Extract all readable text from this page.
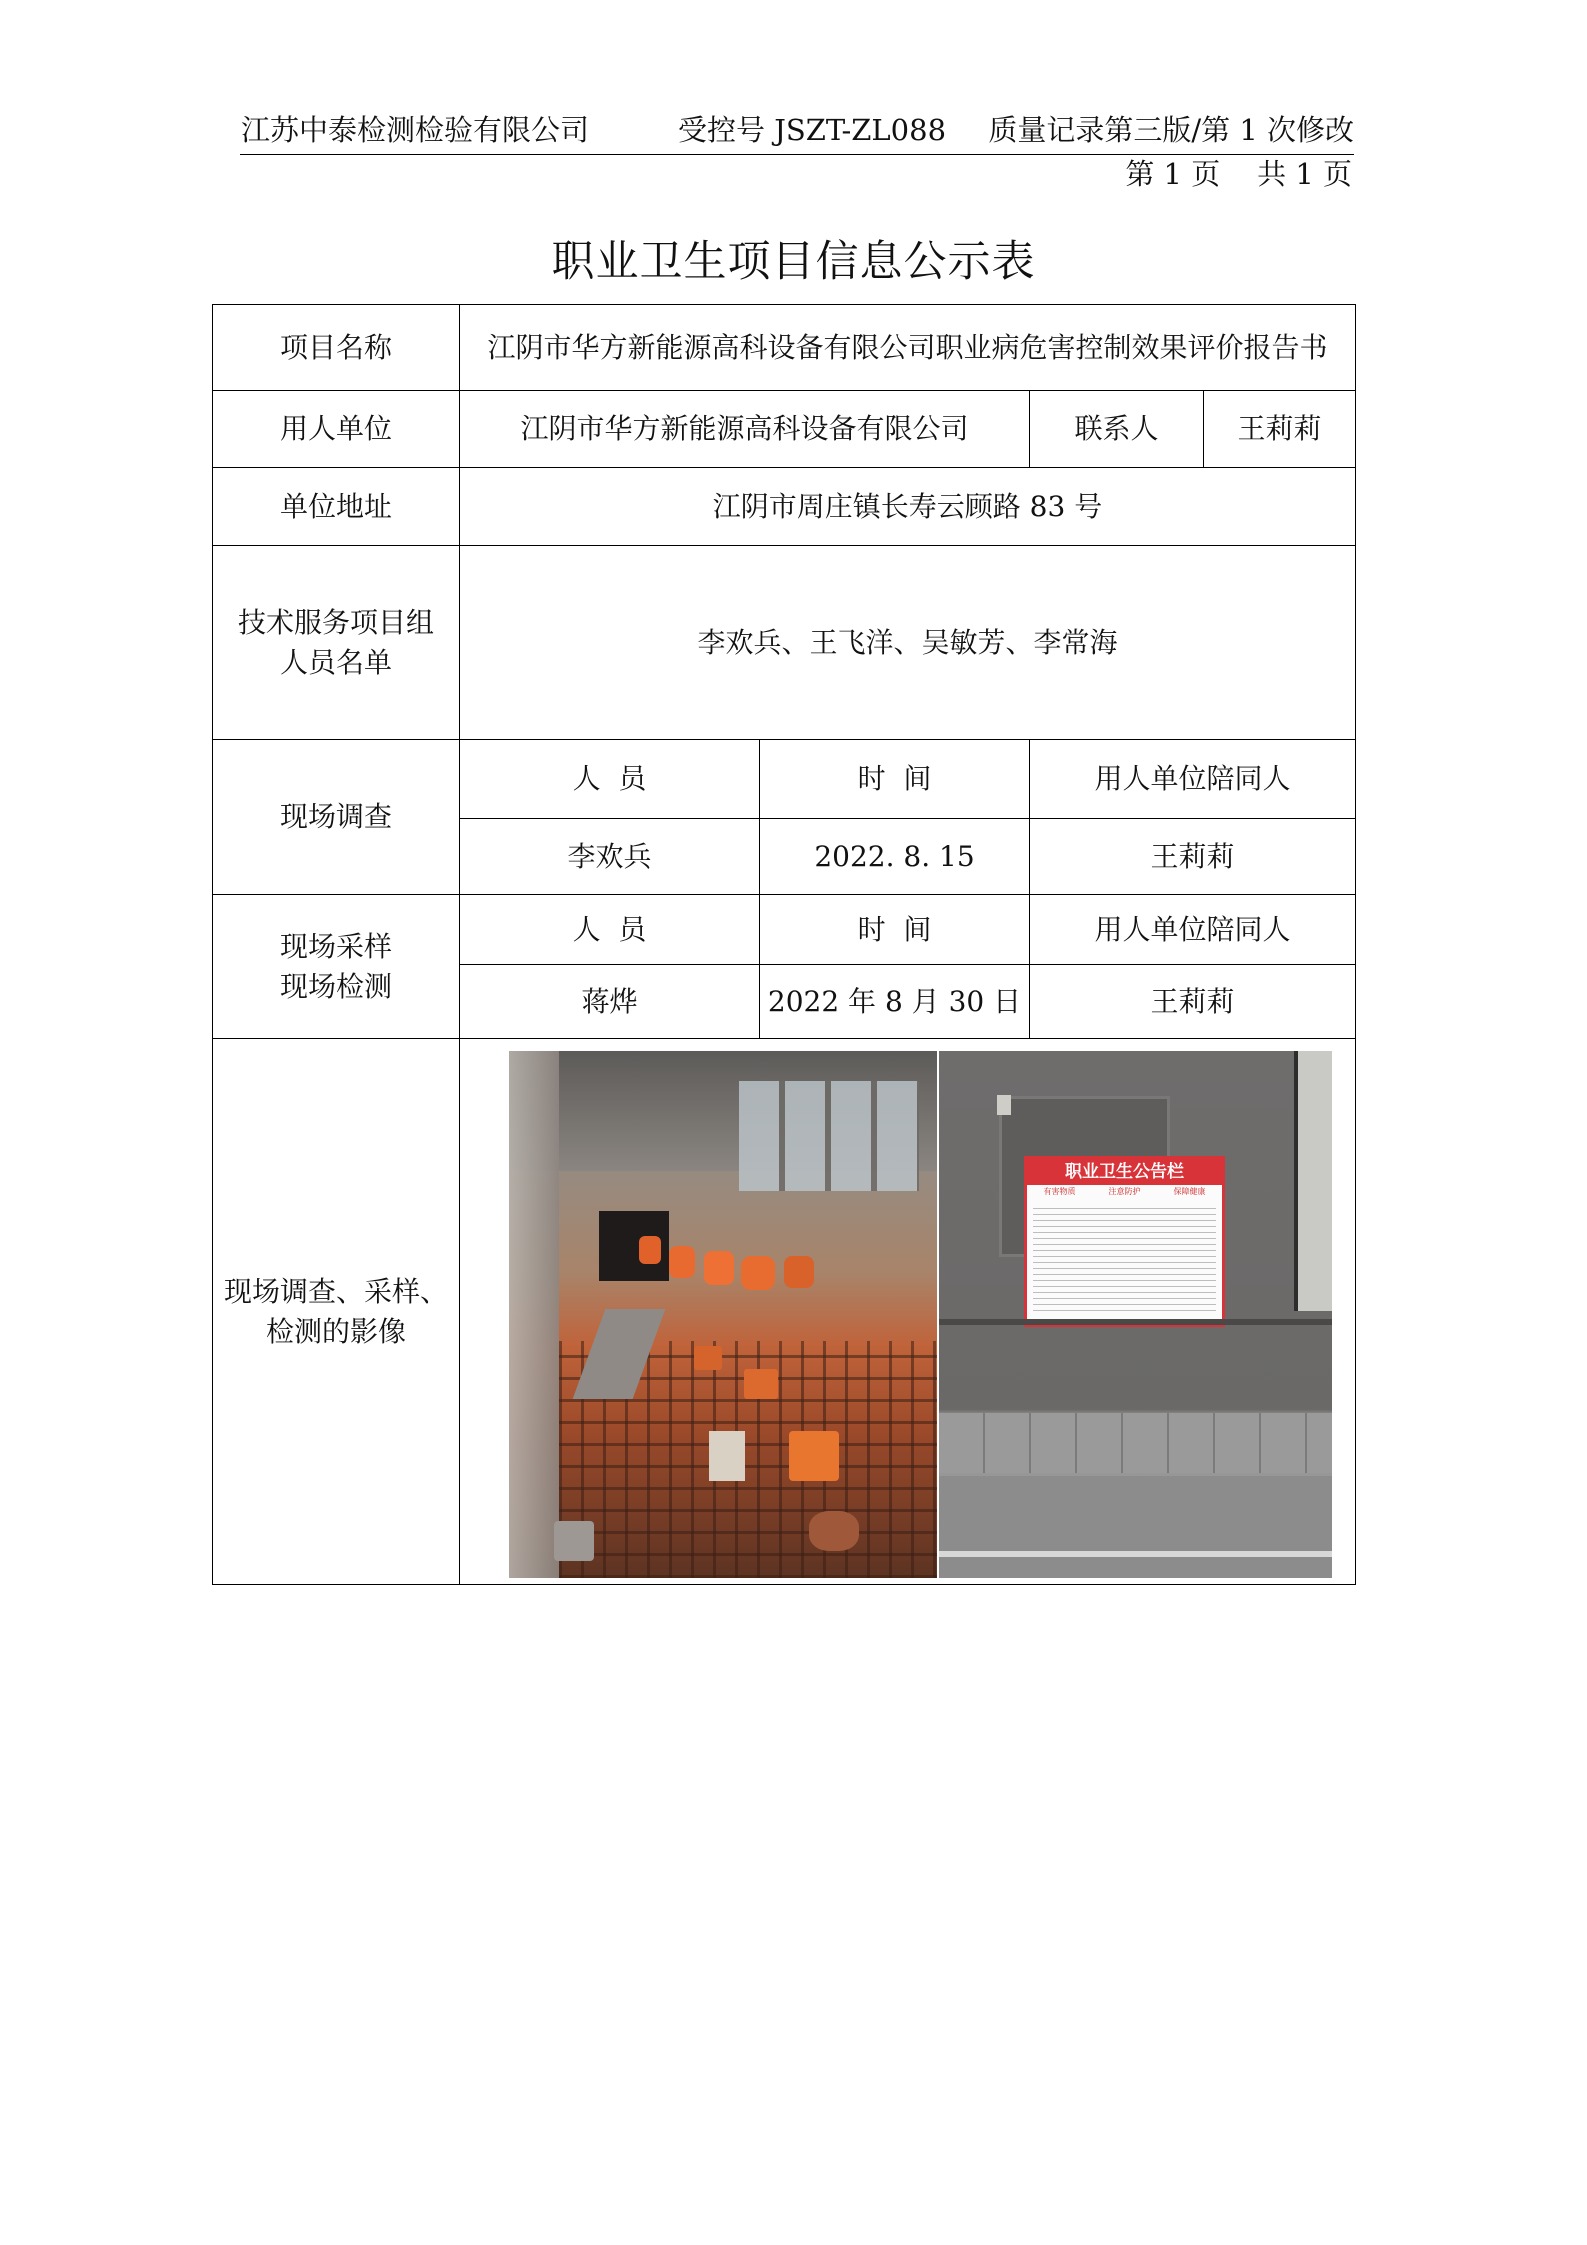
江苏中泰检测检验有限公司	受控号 JSZT-ZL088 质量记录第三版/第 1 次修改
第 1 页    共 1 页
职业卫生项目信息公示表
项目名称	江阴市华方新能源高科设备有限公司职业病危害控制效果评价报告书			
用人单位	江阴市华方新能源高科设备有限公司		联系人	王莉莉
单位地址	江阴市周庄镇长寿云顾路 83 号			

技术服务项目组
人员名单	李欢兵、王飞洋、吴敏芳、李常海			
现场调查	人  员	时  间	用人单位陪同人	
	李欢兵	2022. 8. 15	王莉莉	

现场采样
现场检测	人  员	时  间	用人单位陪同人	
	蒋烨	2022 年 8 月 30 日	王莉莉	

现场调查、采样、
检测的影像				

职业卫生公告栏
有害物质	注意防护	保障健康
